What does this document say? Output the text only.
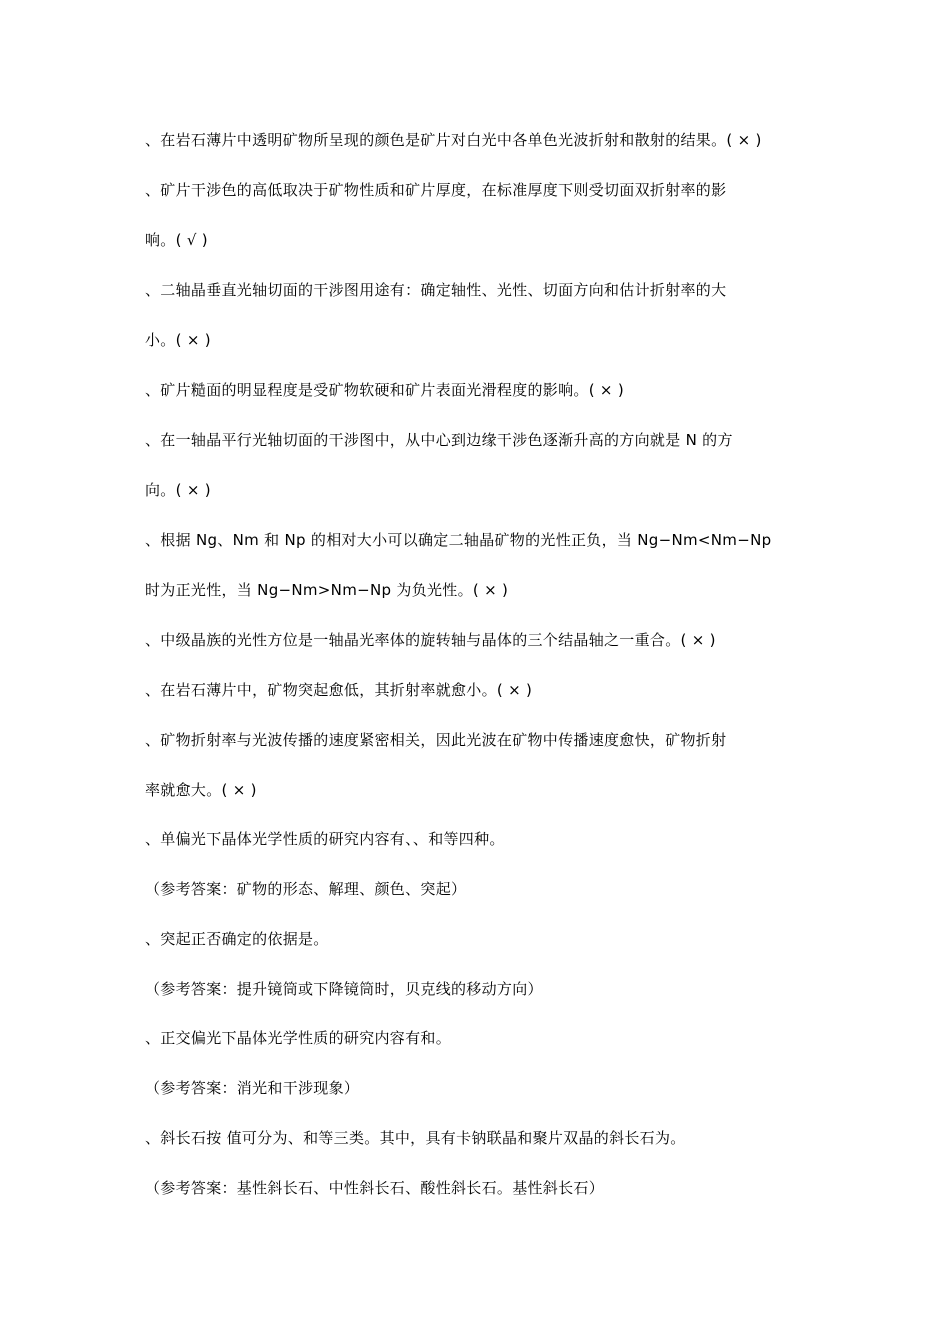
、在岩石薄片中透明矿物所呈现的颜色是矿片对白光中各单色光波折射和散射的结果。( × )
、矿片干涉色的高低取决于矿物性质和矿片厚度，在标准厚度下则受切面双折射率的影
响。( √ )
、二轴晶垂直光轴切面的干涉图用途有：确定轴性、光性、切面方向和估计折射率的大
小。( × )
、矿片糙面的明显程度是受矿物软硬和矿片表面光滑程度的影响。( × )
、在一轴晶平行光轴切面的干涉图中，从中心到边缘干涉色逐渐升高的方向就是 N 的方
向。( × )
、根据 Ng、Nm 和 Np 的相对大小可以确定二轴晶矿物的光性正负，当 Ng−Nm<Nm−Np
时为正光性，当 Ng−Nm>Nm−Np 为负光性。( × )
、中级晶族的光性方位是一轴晶光率体的旋转轴与晶体的三个结晶轴之一重合。( × )
、在岩石薄片中，矿物突起愈低，其折射率就愈小。( × )
、矿物折射率与光波传播的速度紧密相关，因此光波在矿物中传播速度愈快，矿物折射
率就愈大。( × )
、单偏光下晶体光学性质的研究内容有、、和等四种。
（参考答案：矿物的形态、解理、颜色、突起）
、突起正否确定的依据是。
（参考答案：提升镜筒或下降镜筒时，贝克线的移动方向）
、正交偏光下晶体光学性质的研究内容有和。
（参考答案：消光和干涉现象）
、斜长石按 值可分为、和等三类。其中，具有卡钠联晶和聚片双晶的斜长石为。
（参考答案：基性斜长石、中性斜长石、酸性斜长石。基性斜长石）
